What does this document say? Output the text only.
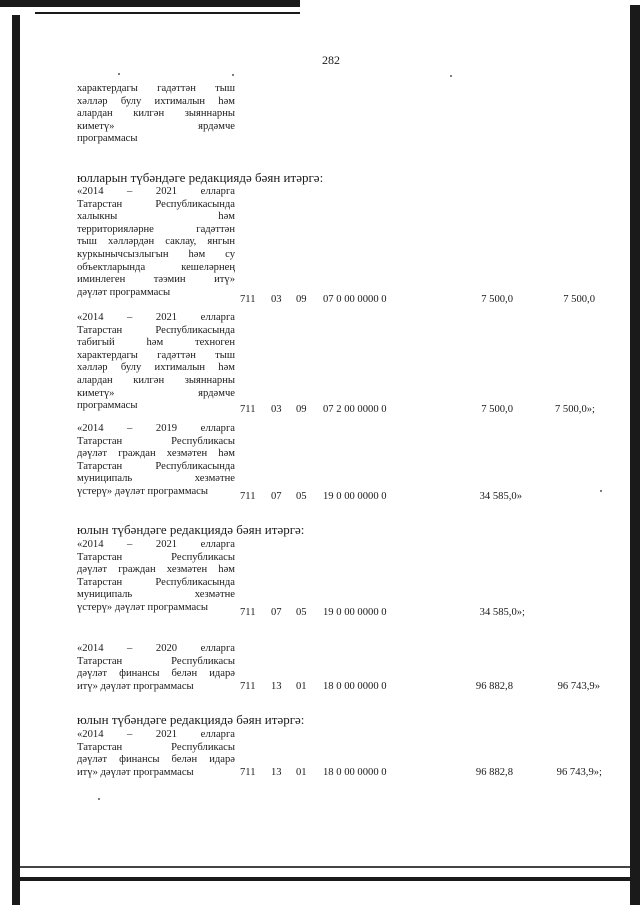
282
характердагы гадәттән тыш
хәлләр булу ихтималын һәм
алардан килгән зыяннарны
киметү» ярдәмче
программасы
юлларын түбәндәге редакциядә бәян итәргә:
«2014 – 2021 елларга
Татарстан Республикасында
халыкны һәм
территорияләрне гадәттән
тыш хәлләрдән саклау, янгын
куркынычсызлыгын һәм су
объектларында кешеләрнең
иминлеген тәэмин итү»
дәүләт программасы
711 03 09 07 0 00 0000 0	7 500,0	7 500,0
«2014 – 2021 елларга
Татарстан Республикасында
табигый һәм техноген
характердагы гадәттән тыш
хәлләр булу ихтималын һәм
алардан килгән зыяннарны
киметү» ярдәмче
программасы	711 03 09 07 2 00 0000 0	7 500,0	7 500,0»;
«2014 – 2019 елларга
Татарстан Республикасы
дәүләт граждан хезмәтен һәм
Татарстан Республикасында
муниципаль хезмәтне
үстерү» дәүләт программасы	711 07 05 19 0 00 0000 0	34 585,0»
юлын түбәндәге редакциядә бәян итәргә:
«2014 – 2021 елларга
Татарстан Республикасы
дәүләт граждан хезмәтен һәм
Татарстан Республикасында
муниципаль хезмәтне
үстерү» дәүләт программасы	711 07 05 19 0 00 0000 0	34 585,0»;
«2014 – 2020 елларга
Татарстан Республикасы
дәүләт финансы белән идарә
итү» дәүләт программасы	711 13 01 18 0 00 0000 0	96 882,8	96 743,9»
юлын түбәндәге редакциядә бәян итәргә:
«2014 – 2021 елларга
Татарстан Республикасы
дәүләт финансы белән идарә
итү» дәүләт программасы	711 13 01 18 0 00 0000 0	96 882,8	96 743,9»;
